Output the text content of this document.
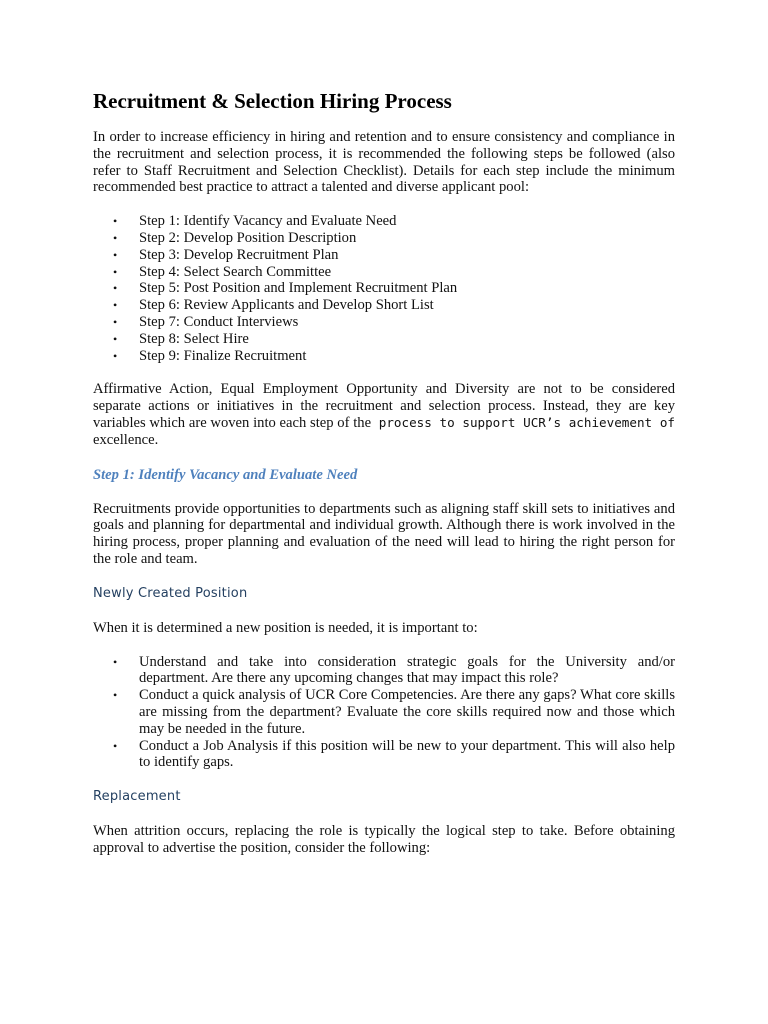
Recruitment & Selection Hiring Process

In order to increase efficiency in hiring and retention and to ensure consistency and compliance in the recruitment and selection process, it is recommended the following steps be followed (also refer to Staff Recruitment and Selection Checklist). Details for each step include the minimum recommended best practice to attract a talented and diverse applicant pool:

• Step 1: Identify Vacancy and Evaluate Need
• Step 2: Develop Position Description
• Step 3: Develop Recruitment Plan
• Step 4: Select Search Committee
• Step 5: Post Position and Implement Recruitment Plan
• Step 6: Review Applicants and Develop Short List
• Step 7: Conduct Interviews
• Step 8: Select Hire
• Step 9: Finalize Recruitment

Affirmative Action, Equal Employment Opportunity and Diversity are not to be considered separate actions or initiatives in the recruitment and selection process. Instead, they are key variables which are woven into each step of the process to support UCR’s achievement of excellence.

Step 1: Identify Vacancy and Evaluate Need

Recruitments provide opportunities to departments such as aligning staff skill sets to initiatives and goals and planning for departmental and individual growth. Although there is work involved in the hiring process, proper planning and evaluation of the need will lead to hiring the right person for the role and team.

Newly Created Position

When it is determined a new position is needed, it is important to:

• Understand and take into consideration strategic goals for the University and/or department. Are there any upcoming changes that may impact this role?
• Conduct a quick analysis of UCR Core Competencies. Are there any gaps? What core skills are missing from the department? Evaluate the core skills required now and those which may be needed in the future.
• Conduct a Job Analysis if this position will be new to your department. This will also help to identify gaps.
Replacement

When attrition occurs, replacing the role is typically the logical step to take. Before obtaining approval to advertise the position, consider the following:
